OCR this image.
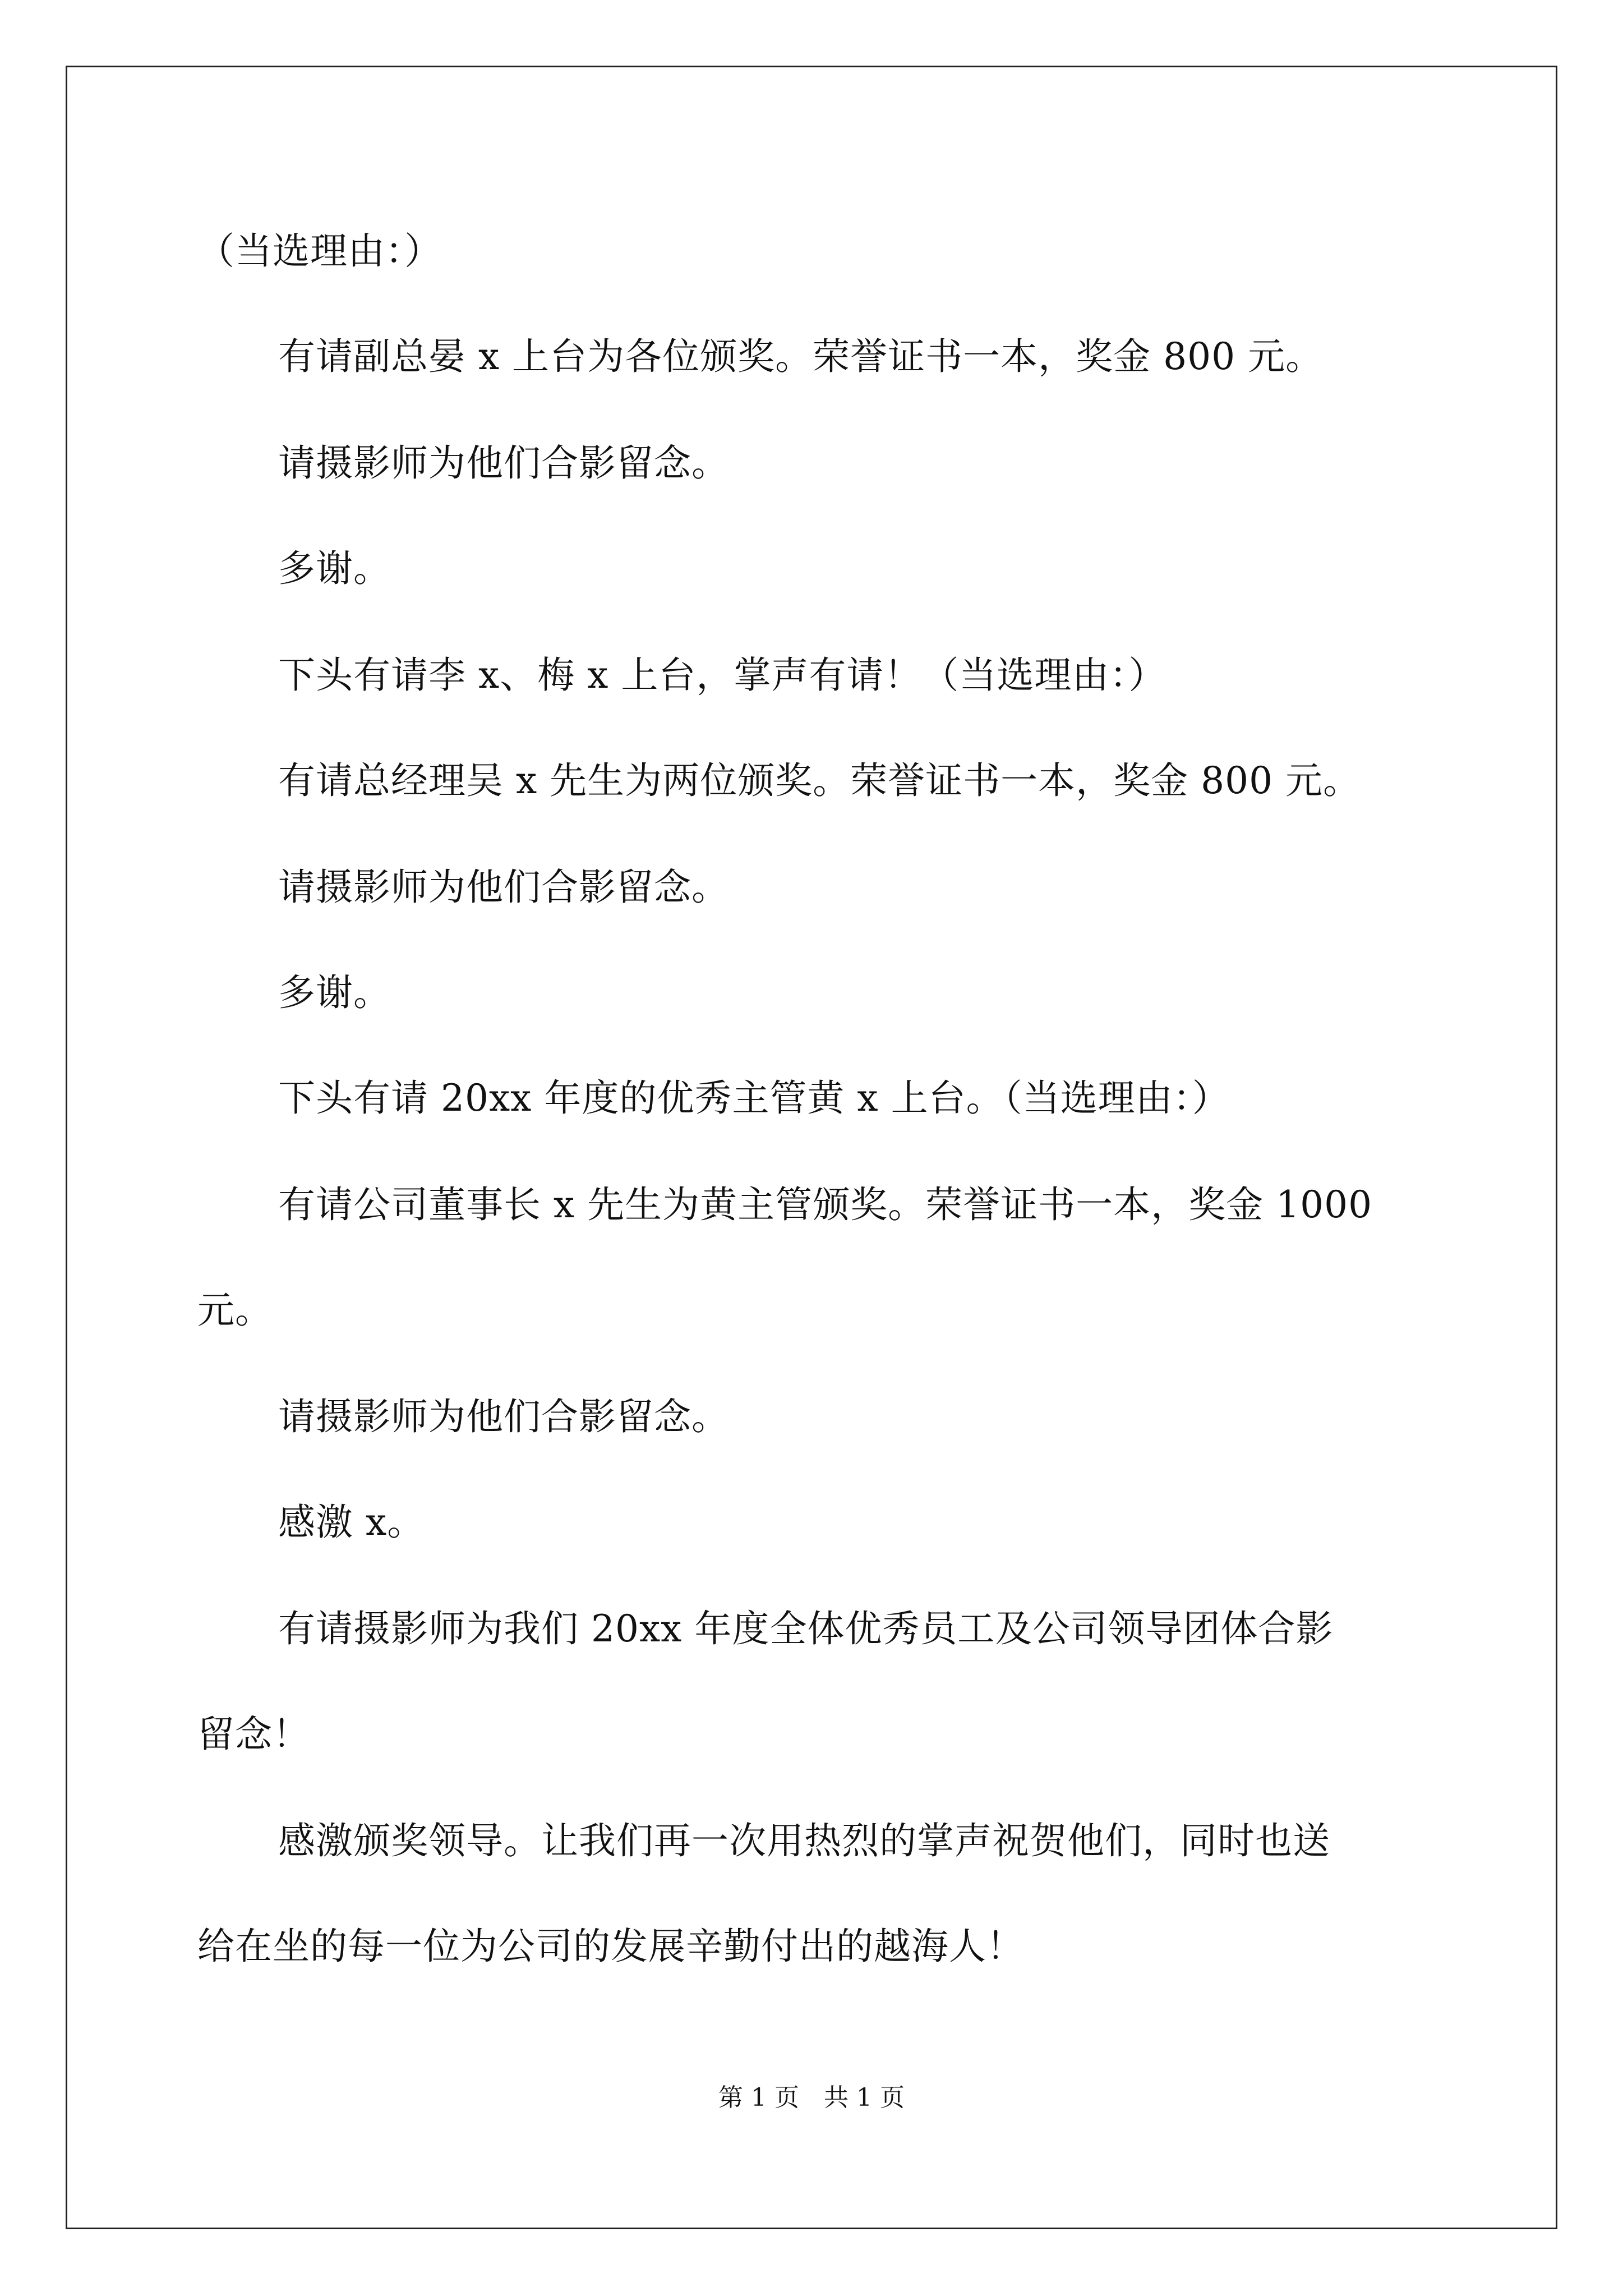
（当选理由：）
有请副总晏 x 上台为各位颁奖。荣誉证书一本，奖金 800 元。
请摄影师为他们合影留念。
多谢。
下头有请李 x、梅 x 上台，掌声有请！（当选理由：）
有请总经理吴 x 先生为两位颁奖。荣誉证书一本，奖金 800 元。
请摄影师为他们合影留念。
多谢。
下头有请 20xx 年度的优秀主管黄 x 上台。（当选理由：）
有请公司董事长 x 先生为黄主管颁奖。荣誉证书一本，奖金 1000
元。
请摄影师为他们合影留念。
感激 x。
有请摄影师为我们 20xx 年度全体优秀员工及公司领导团体合影
留念！
感激颁奖领导。让我们再一次用热烈的掌声祝贺他们，同时也送
给在坐的每一位为公司的发展辛勤付出的越海人！
第 1 页 共 1 页
